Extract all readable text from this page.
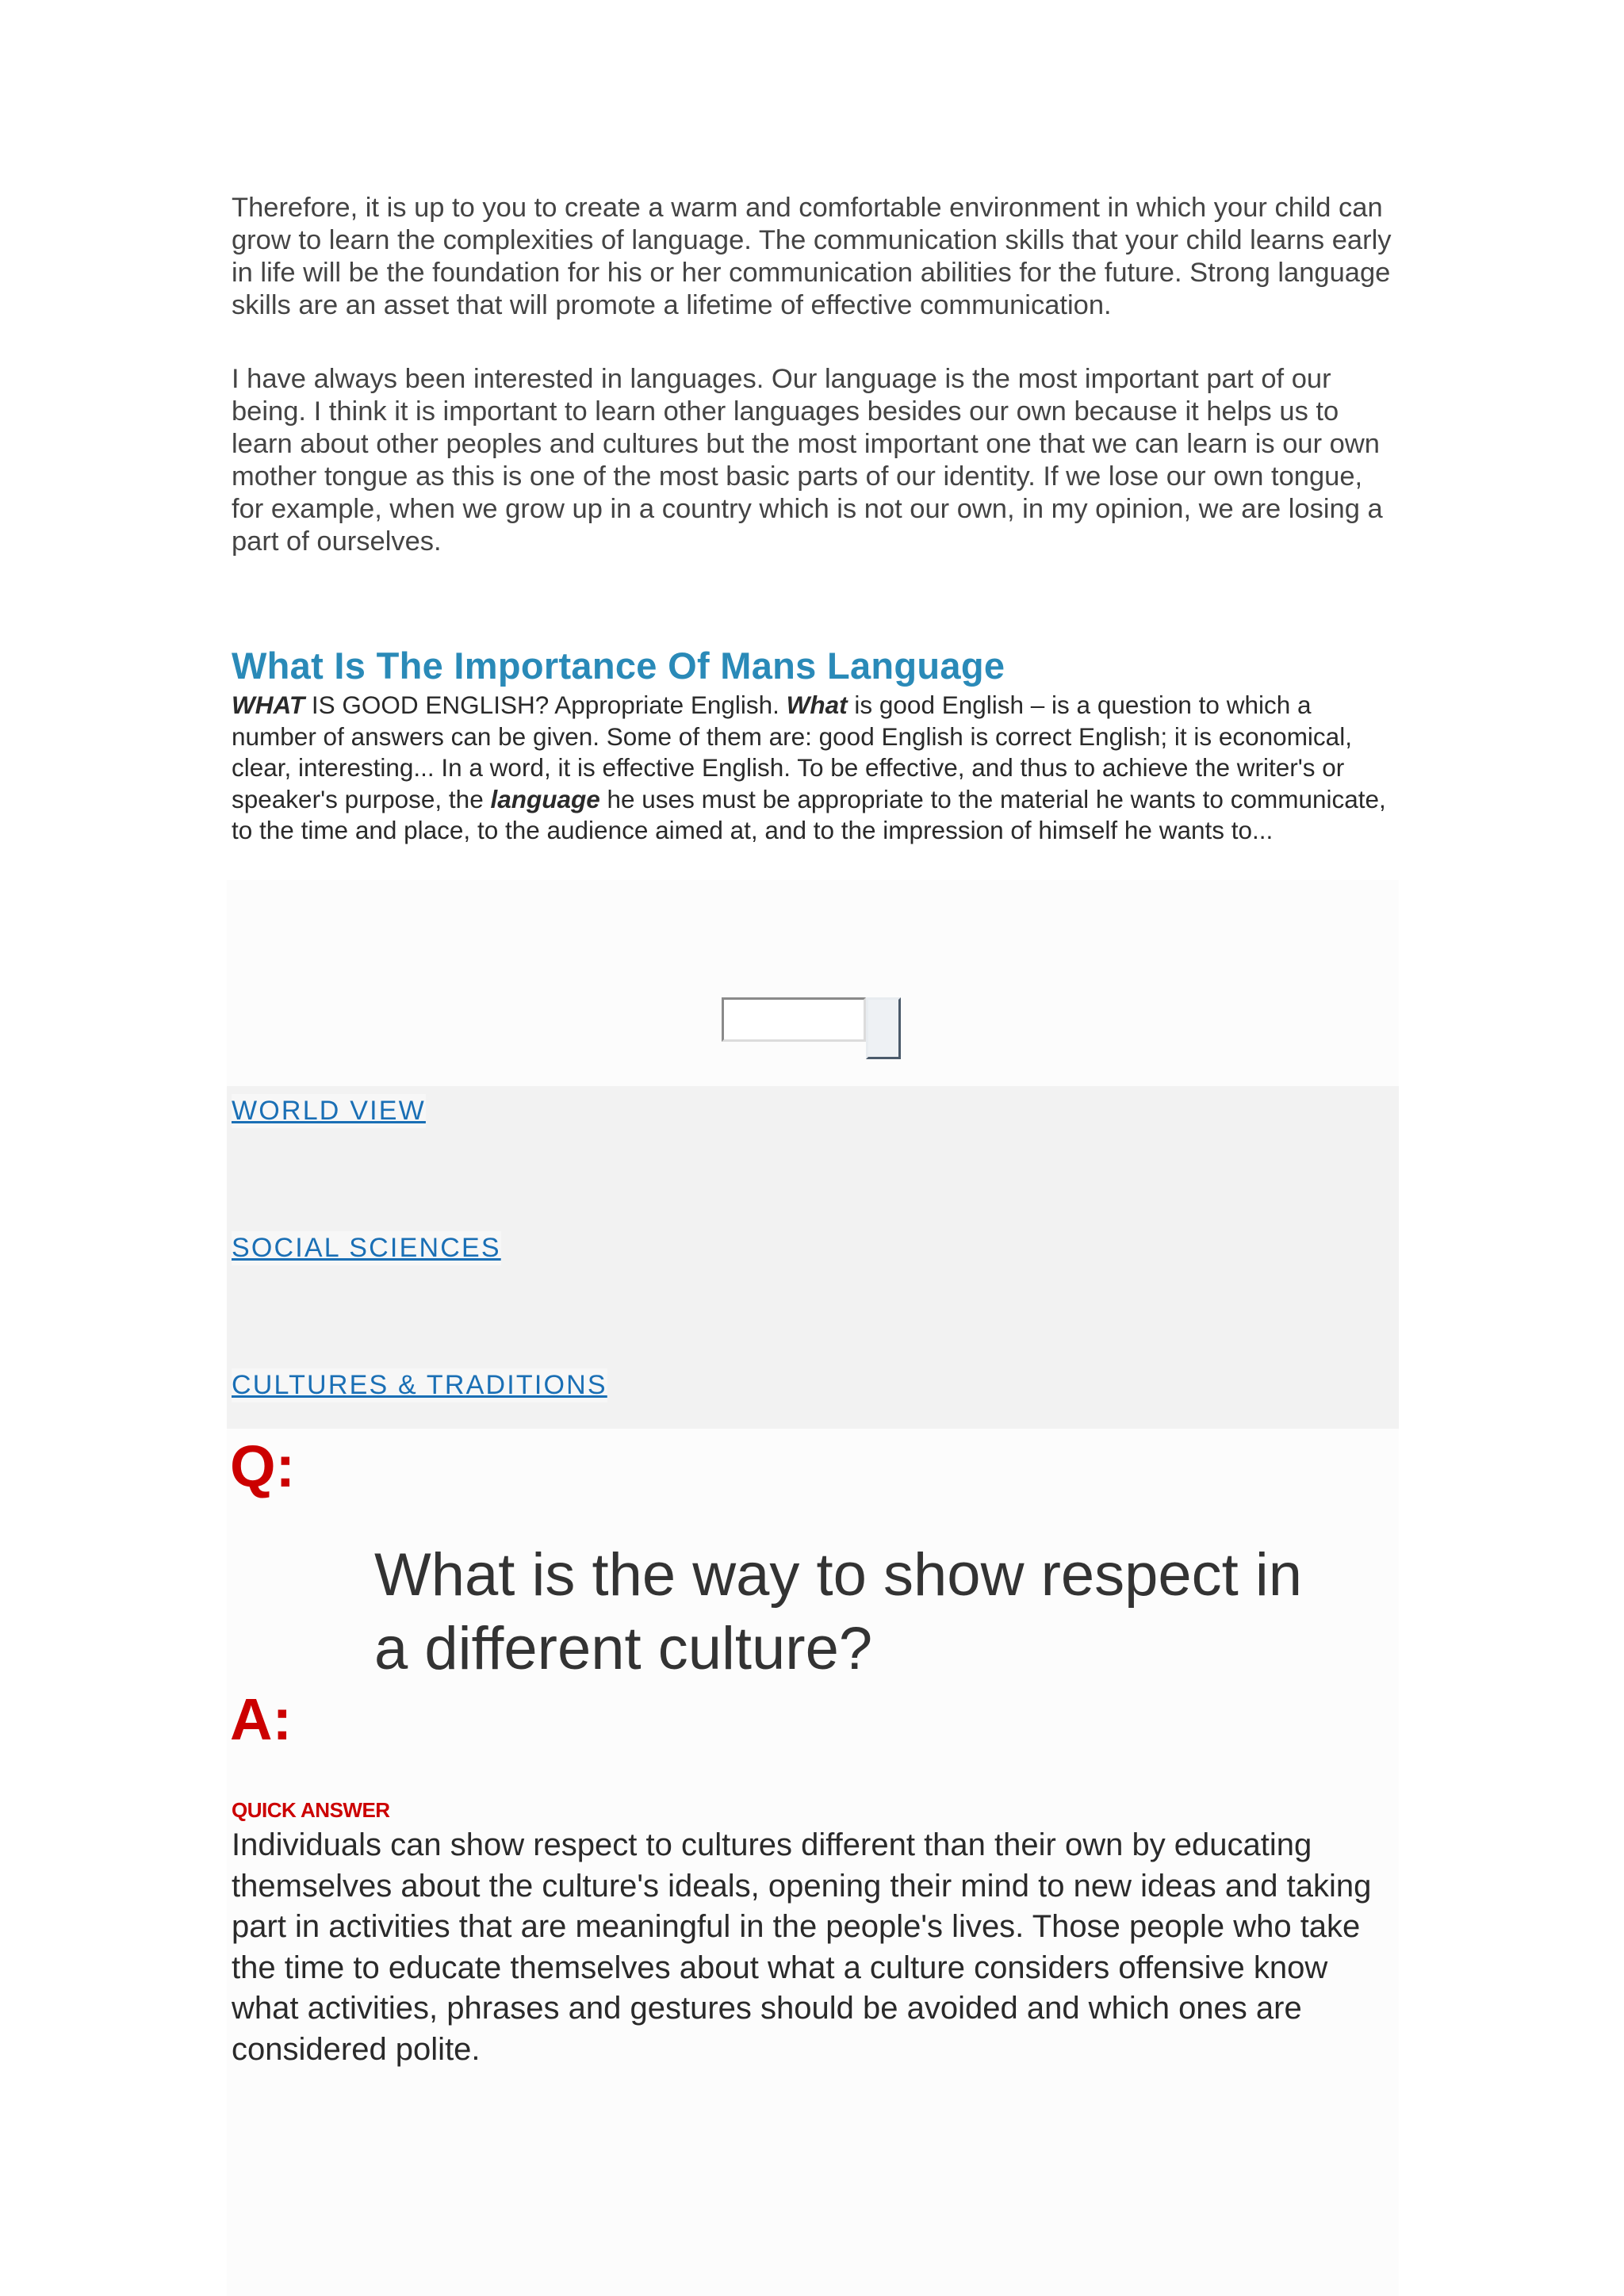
Therefore, it is up to you to create a warm and comfortable environment in which your child can grow to learn the complexities of language. The communication skills that your child learns early in life will be the foundation for his or her communication abilities for the future. Strong language skills are an asset that will promote a lifetime of effective communication.

I have always been interested in languages. Our language is the most important part of our being. I think it is important to learn other languages besides our own because it helps us to learn about other peoples and cultures but the most important one that we can learn is our own mother tongue as this is one of the most basic parts of our identity. If we lose our own tongue, for example, when we grow up in a country which is not our own, in my opinion, we are losing a part of ourselves.

What Is The Importance Of Mans Language

WHAT IS GOOD ENGLISH? Appropriate English. What is good English – is a question to which a number of answers can be given. Some of them are: good English is correct English; it is economical, clear, interesting... In a word, it is effective English. To be effective, and thus to achieve the writer's or speaker's purpose, the language he uses must be appropriate to the material he wants to communicate, to the time and place, to the audience aimed at, and to the impression of himself he wants to...

WORLD VIEW
SOCIAL SCIENCES
CULTURES & TRADITIONS

Q:

What is the way to show respect in a different culture?

A:

QUICK ANSWER

Individuals can show respect to cultures different than their own by educating themselves about the culture's ideals, opening their mind to new ideas and taking part in activities that are meaningful in the people's lives. Those people who take the time to educate themselves about what a culture considers offensive know what activities, phrases and gestures should be avoided and which ones are considered polite.
